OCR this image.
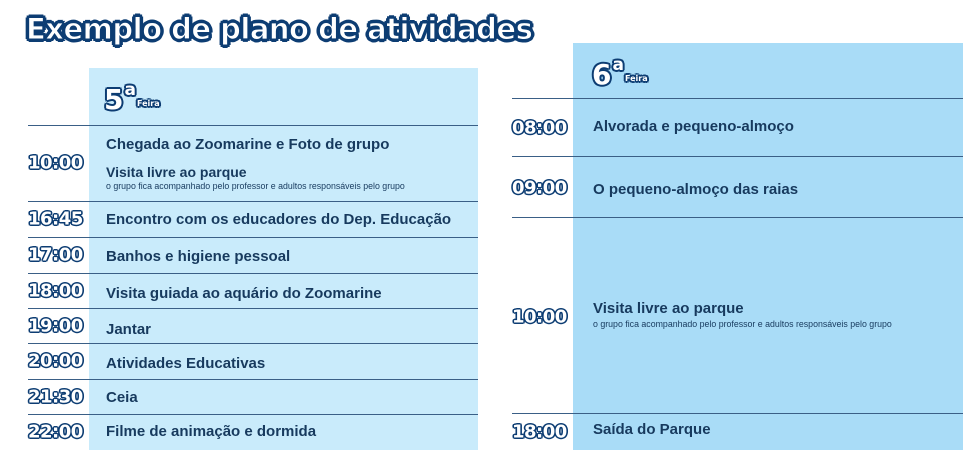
Exemplo de plano de atividades
5 a
Feira
10:00
Chegada ao Zoomarine e Foto de grupo
Visita livre ao parque
o grupo fica acompanhado pelo professor e adultos responsáveis pelo grupo
16:45	Encontro com os educadores do Dep. Educação
17:00	Banhos e higiene pessoal
18:00	Visita guiada ao aquário do Zoomarine
19:00	Jantar
20:00	Atividades Educativas
21:30	Ceia
22:00	Filme de animação e dormida
6 a
Feira
08:00	Alvorada e pequeno-almoço
09:00	O pequeno-almoço das raias
10:00	Visita livre ao parque
o grupo fica acompanhado pelo professor e adultos responsáveis pelo grupo
18:00	Saída do Parque
